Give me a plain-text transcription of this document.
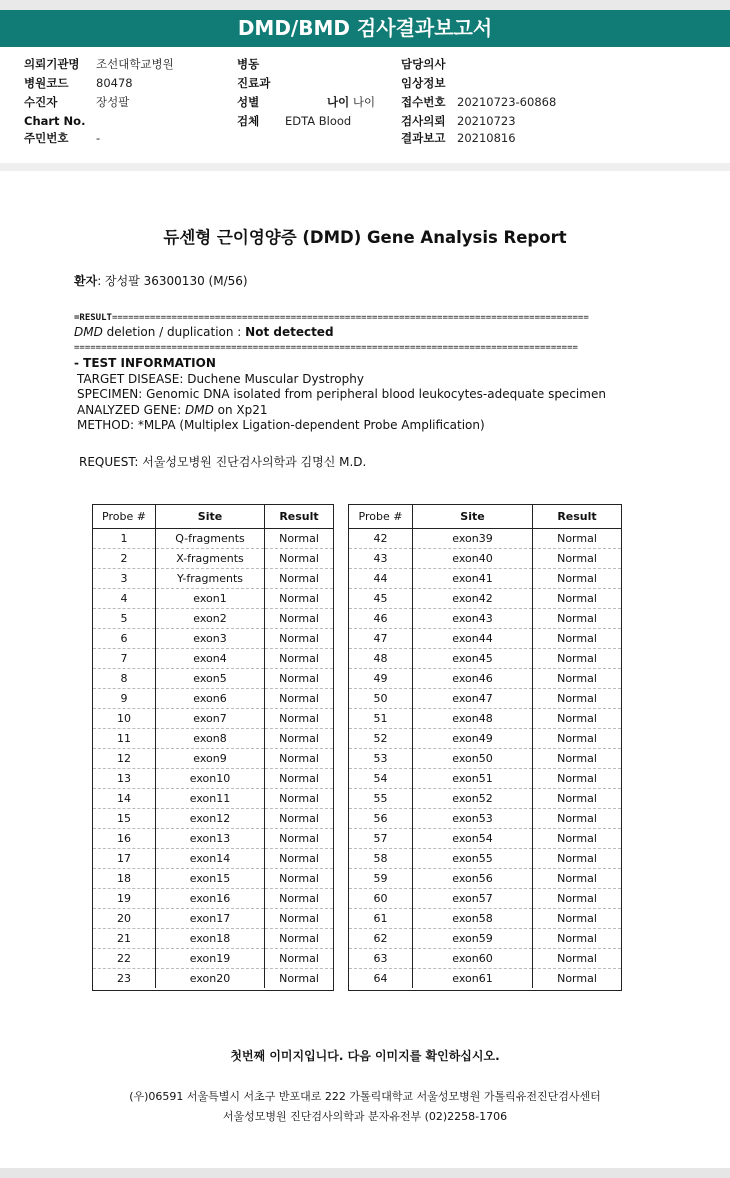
DMD/BMD 검사결과보고서
의뢰기관명 조선대학교병원
병원코드 80478
수진자	장성팔
Chart No.
주민번호 -
병동
진료과
성별
검체 EDTA Blood
나이 나이
담당의사
임상정보
접수번호 20210723-60868
검사의뢰 20210723
결과보고 20210816
듀센형 근이영양증 (DMD) Gene Analysis Report
환자: 장성팔 36300130 (M/56)
=RESULT========================================================================================
DMD deletion / duplication : Not detected
=============================================================================================
- TEST INFORMATION
TARGET DISEASE: Duchene Muscular Dystrophy
SPECIMEN: Genomic DNA isolated from peripheral blood leukocytes-adequate specimen
ANALYZED GENE: DMD on Xp21
METHOD: *MLPA (Multiplex Ligation-dependent Probe Amplification)
REQUEST: 서울성모병원 진단검사의학과 김명신 M.D.
Probe #	Site	Result
1	Q-fragments	Normal
2	X-fragments	Normal
3	Y-fragments	Normal
4	exon1	Normal
5	exon2	Normal
6	exon3	Normal
7	exon4	Normal
8	exon5	Normal
9	exon6	Normal
10	exon7	Normal
11	exon8	Normal
12	exon9	Normal
13	exon10	Normal
14	exon11	Normal
15	exon12	Normal
16	exon13	Normal
17	exon14	Normal
18	exon15	Normal
19	exon16	Normal
20	exon17	Normal
21	exon18	Normal
22	exon19	Normal
23	exon20	Normal
Probe #	Site	Result
42	exon39	Normal
43	exon40	Normal
44	exon41	Normal
45	exon42	Normal
46	exon43	Normal
47	exon44	Normal
48	exon45	Normal
49	exon46	Normal
50	exon47	Normal
51	exon48	Normal
52	exon49	Normal
53	exon50	Normal
54	exon51	Normal
55	exon52	Normal
56	exon53	Normal
57	exon54	Normal
58	exon55	Normal
59	exon56	Normal
60	exon57	Normal
61	exon58	Normal
62	exon59	Normal
63	exon60	Normal
64	exon61	Normal
첫번째 이미지입니다. 다음 이미지를 확인하십시오.
(우)06591 서울특별시 서초구 반포대로 222 가톨릭대학교 서울성모병원 가톨릭유전진단검사센터
서울성모병원 진단검사의학과 분자유전부 (02)2258-1706
